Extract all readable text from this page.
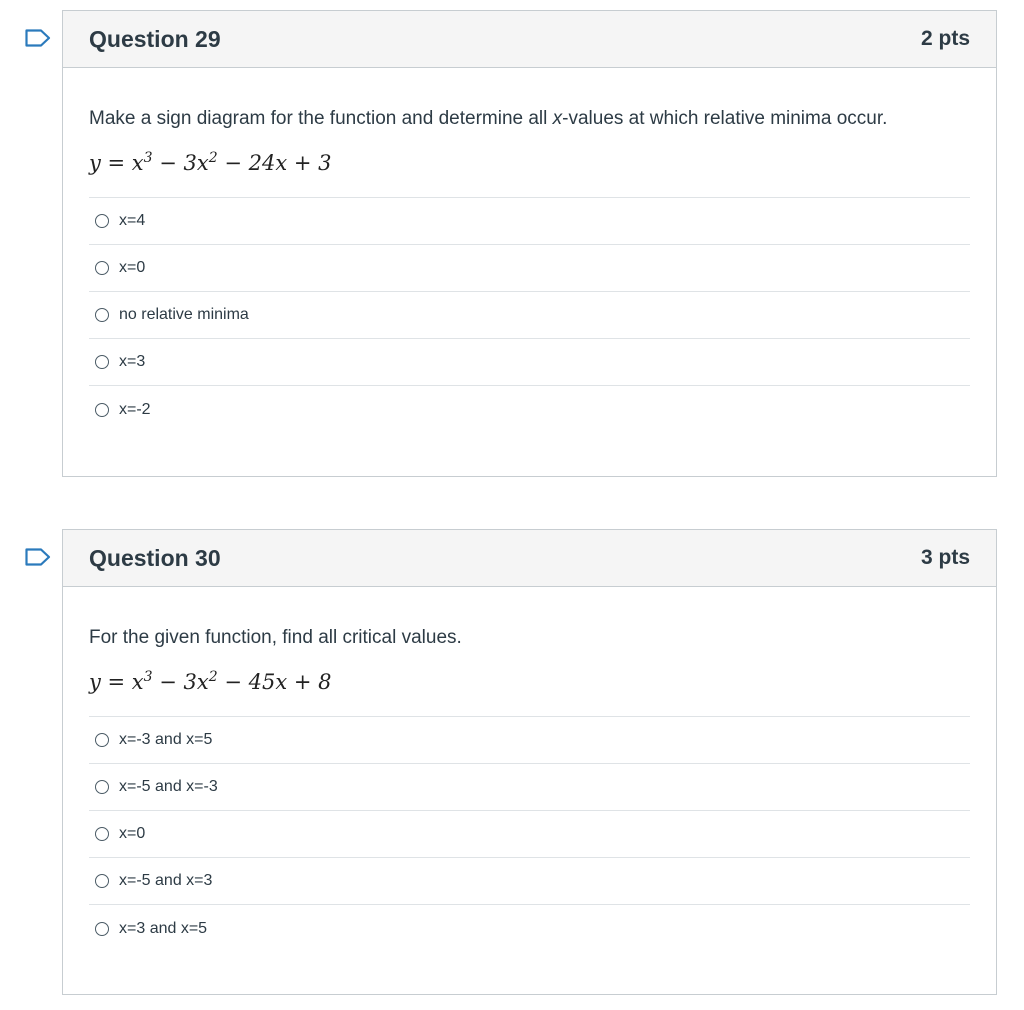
Question 29	2 pts

Make a sign diagram for the function and determine all x-values at which relative minima occur.

$y = x^3 - 3x^2 - 24x + 3$
x=4
x=0
no relative minima
x=3
x=-2
Question 30	3 pts

For the given function, find all critical values.

$y = x^3 - 3x^2 - 45x + 8$
x=-3 and x=5
x=-5 and x=-3
x=0
x=-5 and x=3
x=3 and x=5
